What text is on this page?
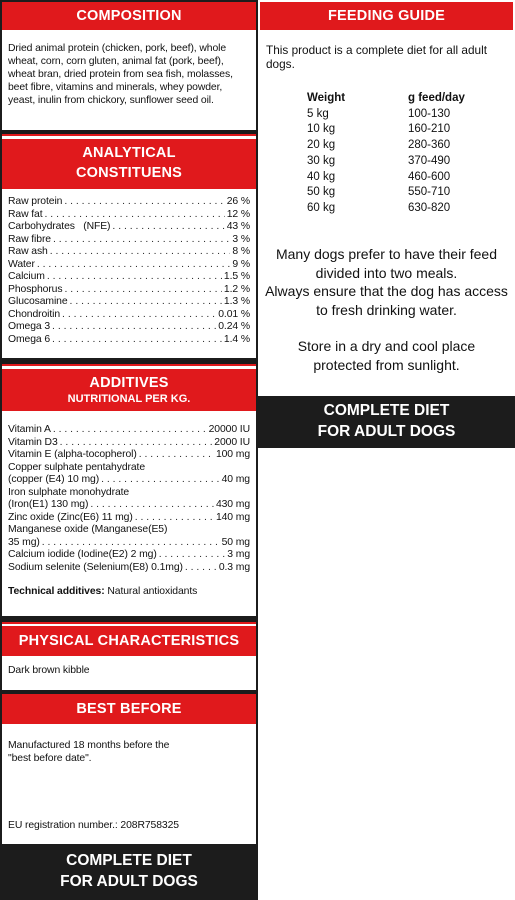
COMPOSITION
Dried animal protein (chicken, pork, beef), whole wheat, corn, corn gluten, animal fat (pork, beef), wheat bran, dried protein from sea fish, molasses, beet fibre, vitamins and minerals, whey powder, yeast, inulin from chickory, sunflower seed oil.
ANALYTICAL
CONSTITUENS
Raw protein . . .	26 %
Raw fat . . .	12 %
Carbohydrates   (NFE) . . .	43 %
Raw fibre . . .	3 %
Raw ash . . .	8 %
Water . . .	9 %
Calcium . . .	1.5 %
Phosphorus . . .	1.2 %
Glucosamine . . .	1.3 %
Chondroitin . . .	0.01 %
Omega 3 . . .	0.24 %
Omega 6 . . .	1.4 %
ADDITIVES
NUTRITIONAL PER KG.
Vitamin A . . .	20000 IU
Vitamin D3 . . .	2000 IU
Vitamin E (alpha-tocopherol) . . .	100 mg
Copper sulphate pentahydrate
(copper (E4) 10 mg) . . .	40 mg
Iron sulphate monohydrate
(Iron(E1) 130 mg) . . .	430 mg
Zinc oxide (Zinc(E6) 11 mg) . . .	140 mg
Manganese oxide (Manganese(E5)
35 mg) . . .	50 mg
Calcium iodide (Iodine(E2) 2 mg) . . .	3 mg
Sodium selenite (Selenium(E8) 0.1mg) . . .	0.3 mg
Technical additives: Natural antioxidants
PHYSICAL CHARACTERISTICS
Dark brown kibble
BEST BEFORE
Manufactured 18 months before the
"best before date".
EU registration number.: 208R758325
COMPLETE DIET
FOR ADULT DOGS
FEEDING GUIDE
This product is a complete diet for all adult dogs.
Weight	g feed/day
5 kg	100-130
10 kg	160-210
20 kg	280-360
30 kg	370-490
40 kg	460-600
50 kg	550-710
60 kg	630-820
Many dogs prefer to have their feed divided into two meals.
Always ensure that the dog has access to fresh drinking water.
Store in a dry and cool place protected from sunlight.
COMPLETE DIET
FOR ADULT DOGS
